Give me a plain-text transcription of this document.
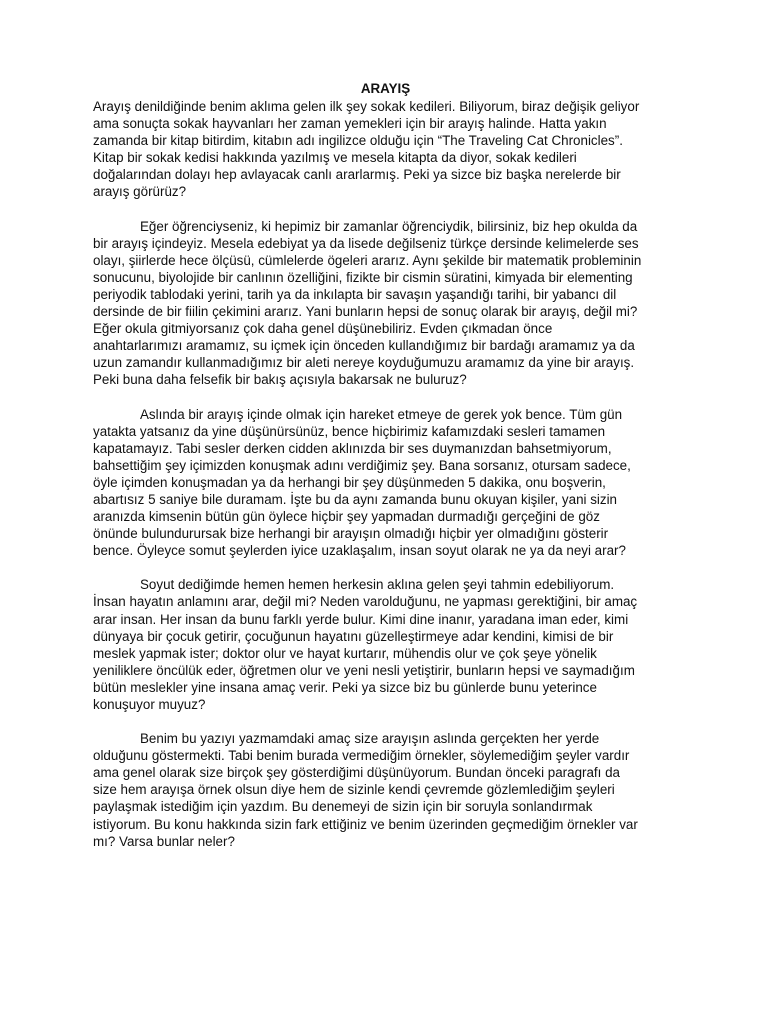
ARAYIŞ
Arayış denildiğinde benim aklıma gelen ilk şey sokak kedileri. Biliyorum, biraz değişik geliyor
ama sonuçta sokak hayvanları her zaman yemekleri için bir arayış halinde. Hatta yakın
zamanda bir kitap bitirdim, kitabın adı ingilizce olduğu için “The Traveling Cat Chronicles”.
Kitap bir sokak kedisi hakkında yazılmış ve mesela kitapta da diyor, sokak kedileri
doğalarından dolayı hep avlayacak canlı ararlarmış. Peki ya sizce biz başka nerelerde bir
arayış görürüz?
Eğer öğrenciyseniz, ki hepimiz bir zamanlar öğrenciydik, bilirsiniz, biz hep okulda da
bir arayış içindeyiz. Mesela edebiyat ya da lisede değilseniz türkçe dersinde kelimelerde ses
olayı, şiirlerde hece ölçüsü, cümlelerde ögeleri ararız. Aynı şekilde bir matematik probleminin
sonucunu, biyolojide bir canlının özelliğini, fizikte bir cismin süratini, kimyada bir elementing
periyodik tablodaki yerini, tarih ya da inkılapta bir savaşın yaşandığı tarihi, bir yabancı dil
dersinde de bir fiilin çekimini ararız. Yani bunların hepsi de sonuç olarak bir arayış, değil mi?
Eğer okula gitmiyorsanız çok daha genel düşünebiliriz. Evden çıkmadan önce
anahtarlarımızı aramamız, su içmek için önceden kullandığımız bir bardağı aramamız ya da
uzun zamandır kullanmadığımız bir aleti nereye koyduğumuzu aramamız da yine bir arayış.
Peki buna daha felsefik bir bakış açısıyla bakarsak ne buluruz?
Aslında bir arayış içinde olmak için hareket etmeye de gerek yok bence. Tüm gün
yatakta yatsanız da yine düşünürsünüz, bence hiçbirimiz kafamızdaki sesleri tamamen
kapatamayız. Tabi sesler derken cidden aklınızda bir ses duymanızdan bahsetmiyorum,
bahsettiğim şey içimizden konuşmak adını verdiğimiz şey. Bana sorsanız, otursam sadece,
öyle içimden konuşmadan ya da herhangi bir şey düşünmeden 5 dakika, onu boşverin,
abartısız 5 saniye bile duramam. İşte bu da aynı zamanda bunu okuyan kişiler, yani sizin
aranızda kimsenin bütün gün öylece hiçbir şey yapmadan durmadığı gerçeğini de göz
önünde bulundurursak bize herhangi bir arayışın olmadığı hiçbir yer olmadığını gösterir
bence. Öyleyce somut şeylerden iyice uzaklaşalım, insan soyut olarak ne ya da neyi arar?
Soyut dediğimde hemen hemen herkesin aklına gelen şeyi tahmin edebiliyorum.
İnsan hayatın anlamını arar, değil mi? Neden varolduğunu, ne yapması gerektiğini, bir amaç
arar insan. Her insan da bunu farklı yerde bulur. Kimi dine inanır, yaradana iman eder, kimi
dünyaya bir çocuk getirir, çocuğunun hayatını güzelleştirmeye adar kendini, kimisi de bir
meslek yapmak ister; doktor olur ve hayat kurtarır, mühendis olur ve çok şeye yönelik
yeniliklere öncülük eder, öğretmen olur ve yeni nesli yetiştirir, bunların hepsi ve saymadığım
bütün meslekler yine insana amaç verir. Peki ya sizce biz bu günlerde bunu yeterince
konuşuyor muyuz?
Benim bu yazıyı yazmamdaki amaç size arayışın aslında gerçekten her yerde
olduğunu göstermekti. Tabi benim burada vermediğim örnekler, söylemediğim şeyler vardır
ama genel olarak size birçok şey gösterdiğimi düşünüyorum. Bundan önceki paragrafı da
size hem arayışa örnek olsun diye hem de sizinle kendi çevremde gözlemlediğim şeyleri
paylaşmak istediğim için yazdım. Bu denemeyi de sizin için bir soruyla sonlandırmak
istiyorum. Bu konu hakkında sizin fark ettiğiniz ve benim üzerinden geçmediğim örnekler var
mı? Varsa bunlar neler?
